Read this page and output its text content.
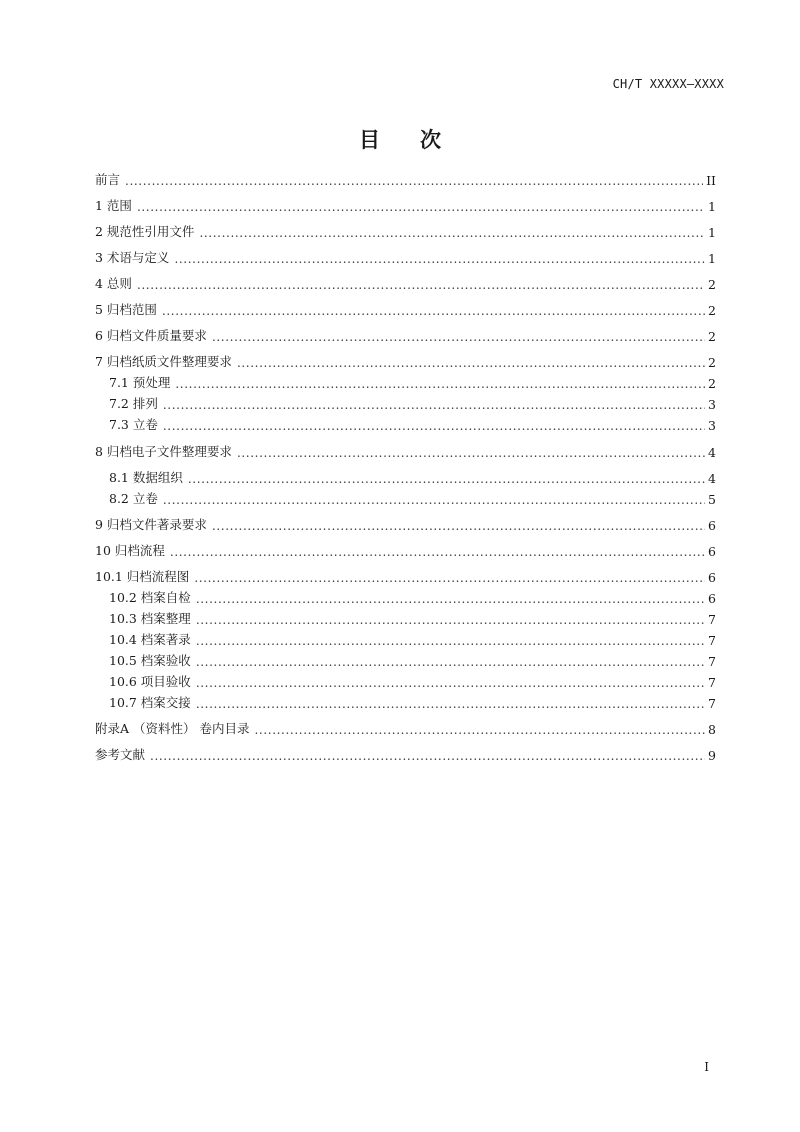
CH/T XXXXX—XXXX
目 次
前言 . . .	II
1 范围 . . .	1
2 规范性引用文件 . . .	1
3 术语与定义 . . .	1
4 总则 . . .	2
5 归档范围 . . .	2
6 归档文件质量要求 . . .	2
7 归档纸质文件整理要求 . . .	2
7.1 预处理 . . .	2
7.2 排列 . . .	3
7.3 立卷 . . .	3
8 归档电子文件整理要求 . . .	4
8.1 数据组织 . . .	4
8.2 立卷 . . .	5
9 归档文件著录要求 . . .	6
10 归档流程 . . .	6
10.1 归档流程图 . . .	6
10.2 档案自检 . . .	6
10.3 档案整理 . . .	7
10.4 档案著录 . . .	7
10.5 档案验收 . . .	7
10.6 项目验收 . . .	7
10.7 档案交接 . . .	7
附录A （资料性） 卷内目录 . . .	8
参考文献 . . .	9
I
